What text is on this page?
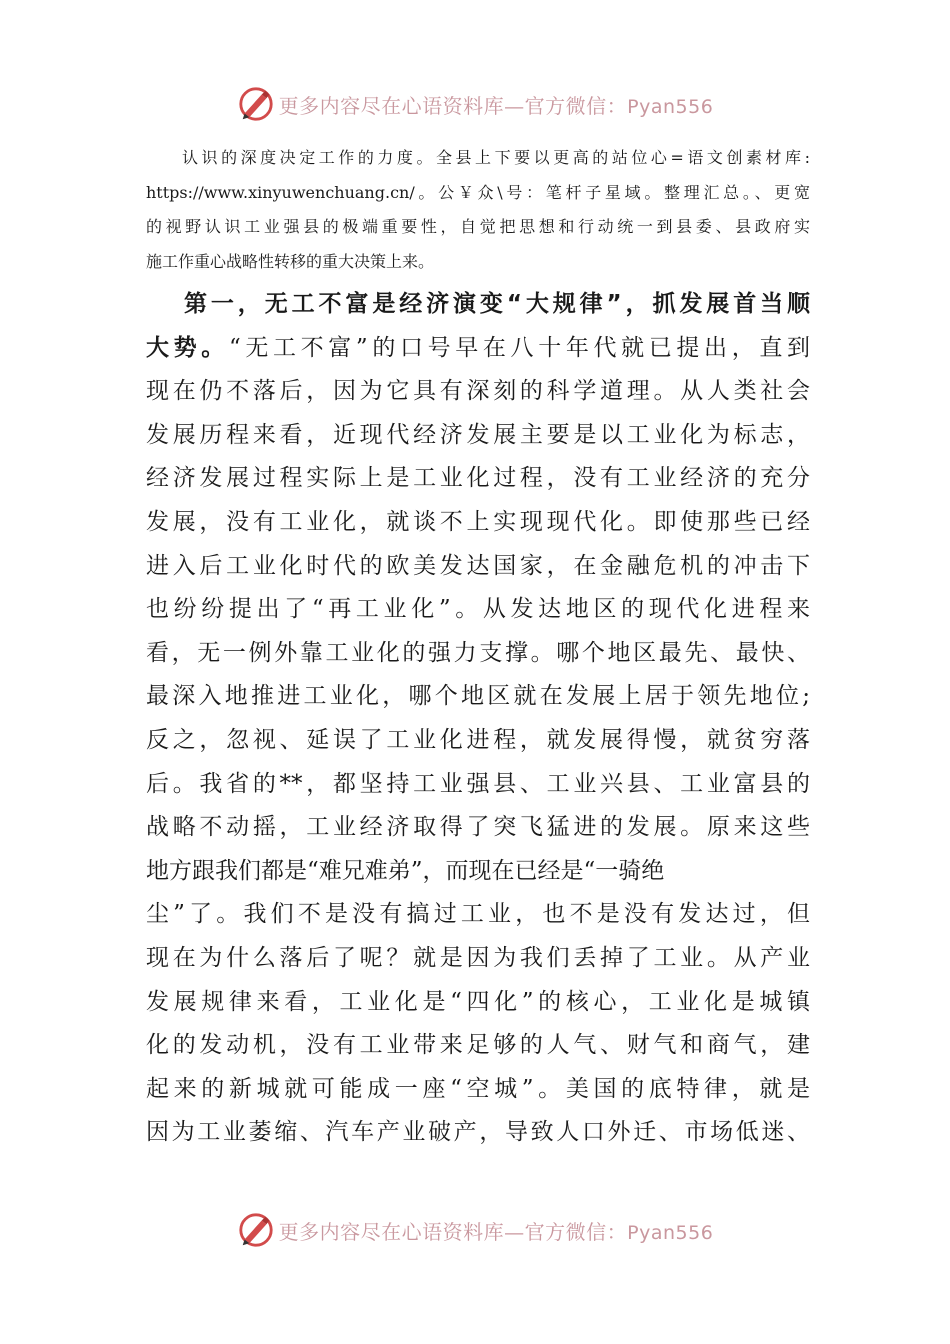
更多内容尽在心语资料库—官方微信：Pyan556
认识的深度决定工作的力度。全县上下要以更高的站位心=语文创素材库:
https://www.xinyuwenchuang.cn/。公￥众\号：笔杆子星域。整理汇总。、更宽
的视野认识工业强县的极端重要性，自觉把思想和行动统一到县委、县政府实
施工作重心战略性转移的重大决策上来。
第一，无工不富是经济演变“大规律”，抓发展首当顺
大势。“无工不富”的口号早在八十年代就已提出，直到
现在仍不落后，因为它具有深刻的科学道理。从人类社会
发展历程来看，近现代经济发展主要是以工业化为标志，
经济发展过程实际上是工业化过程，没有工业经济的充分
发展，没有工业化，就谈不上实现现代化。即使那些已经
进入后工业化时代的欧美发达国家，在金融危机的冲击下
也纷纷提出了“再工业化”。从发达地区的现代化进程来
看，无一例外靠工业化的强力支撑。哪个地区最先、最快、
最深入地推进工业化，哪个地区就在发展上居于领先地位;
反之，忽视、延误了工业化进程，就发展得慢，就贫穷落
后。我省的**，都坚持工业强县、工业兴县、工业富县的
战略不动摇，工业经济取得了突飞猛进的发展。原来这些
地方跟我们都是“难兄难弟”，而现在已经是“一骑绝
尘”了。我们不是没有搞过工业，也不是没有发达过，但
现在为什么落后了呢？就是因为我们丢掉了工业。从产业
发展规律来看，工业化是“四化”的核心，工业化是城镇
化的发动机，没有工业带来足够的人气、财气和商气，建
起来的新城就可能成一座“空城”。美国的底特律，就是
因为工业萎缩、汽车产业破产，导致人口外迁、市场低迷、
更多内容尽在心语资料库—官方微信：Pyan556
